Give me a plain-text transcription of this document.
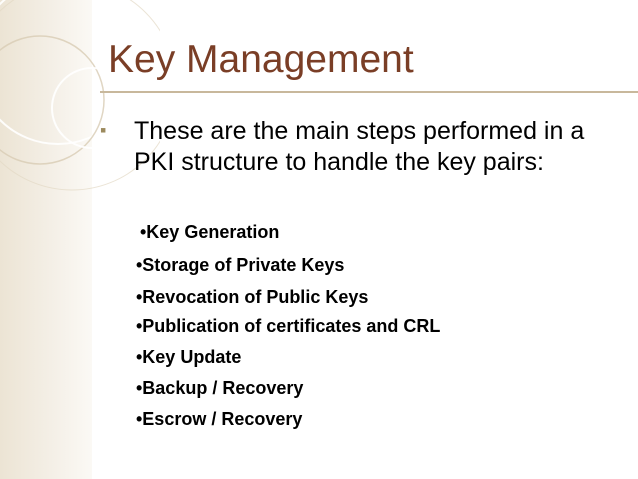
Key Management
▪ These are the main steps performed in a PKI structure to handle the key pairs:

•Key Generation
•Storage of Private Keys
•Revocation of Public Keys
•Publication of certificates and CRL
•Key Update
•Backup / Recovery
•Escrow / Recovery
